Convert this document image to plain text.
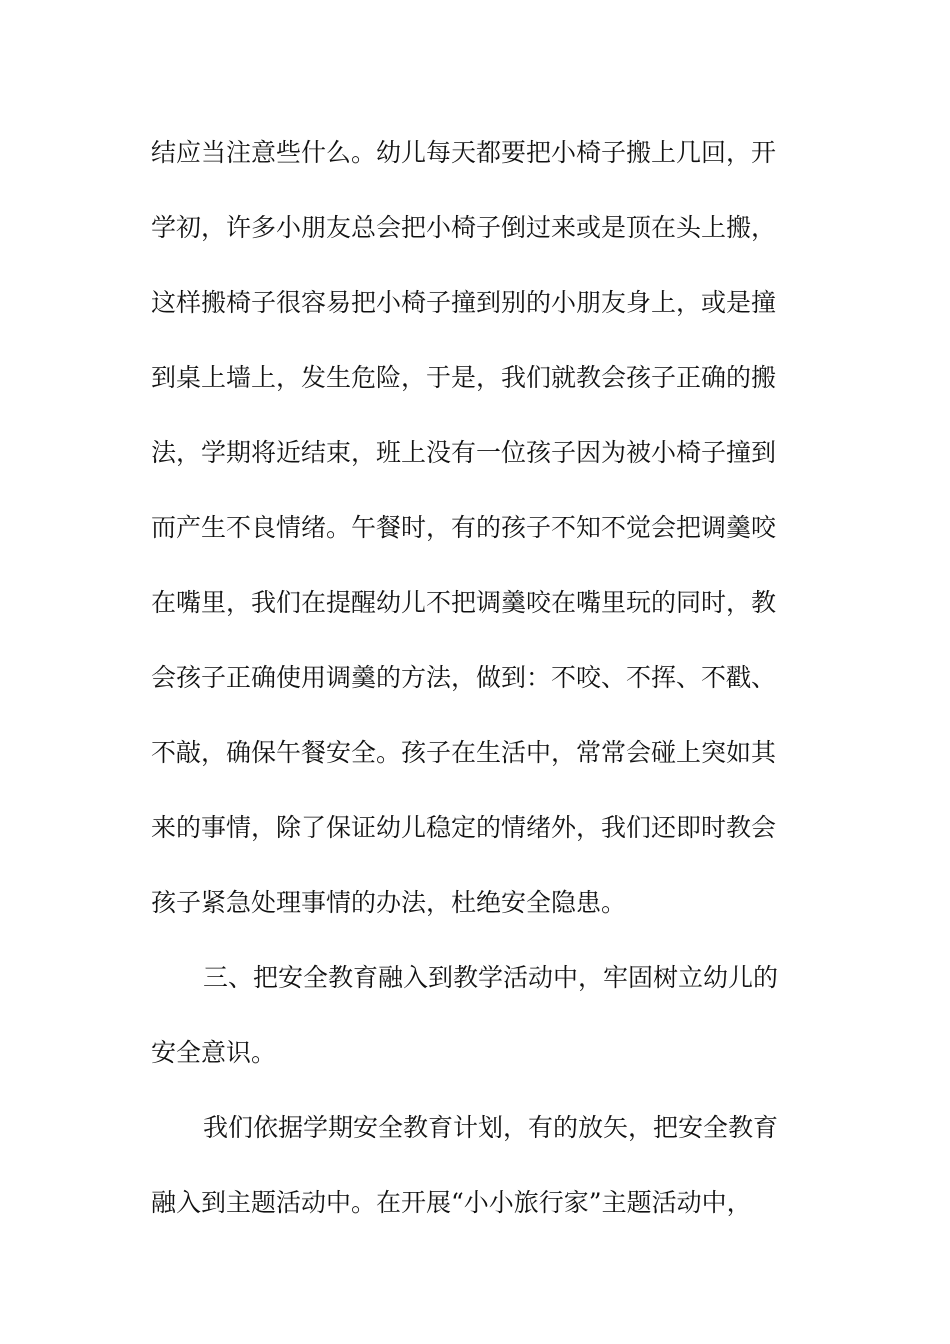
结应当注意些什么。幼儿每天都要把小椅子搬上几回，开
学初，许多小朋友总会把小椅子倒过来或是顶在头上搬，
这样搬椅子很容易把小椅子撞到别的小朋友身上，或是撞
到桌上墙上，发生危险，于是，我们就教会孩子正确的搬
法，学期将近结束，班上没有一位孩子因为被小椅子撞到
而产生不良情绪。午餐时，有的孩子不知不觉会把调羹咬
在嘴里，我们在提醒幼儿不把调羹咬在嘴里玩的同时，教
会孩子正确使用调羹的方法，做到：不咬、不挥、不戳、
不敲，确保午餐安全。孩子在生活中，常常会碰上突如其
来的事情，除了保证幼儿稳定的情绪外，我们还即时教会
孩子紧急处理事情的办法，杜绝安全隐患。
三、把安全教育融入到教学活动中，牢固树立幼儿的
安全意识。
我们依据学期安全教育计划，有的放矢，把安全教育
融入到主题活动中。在开展“小小旅行家”主题活动中，
